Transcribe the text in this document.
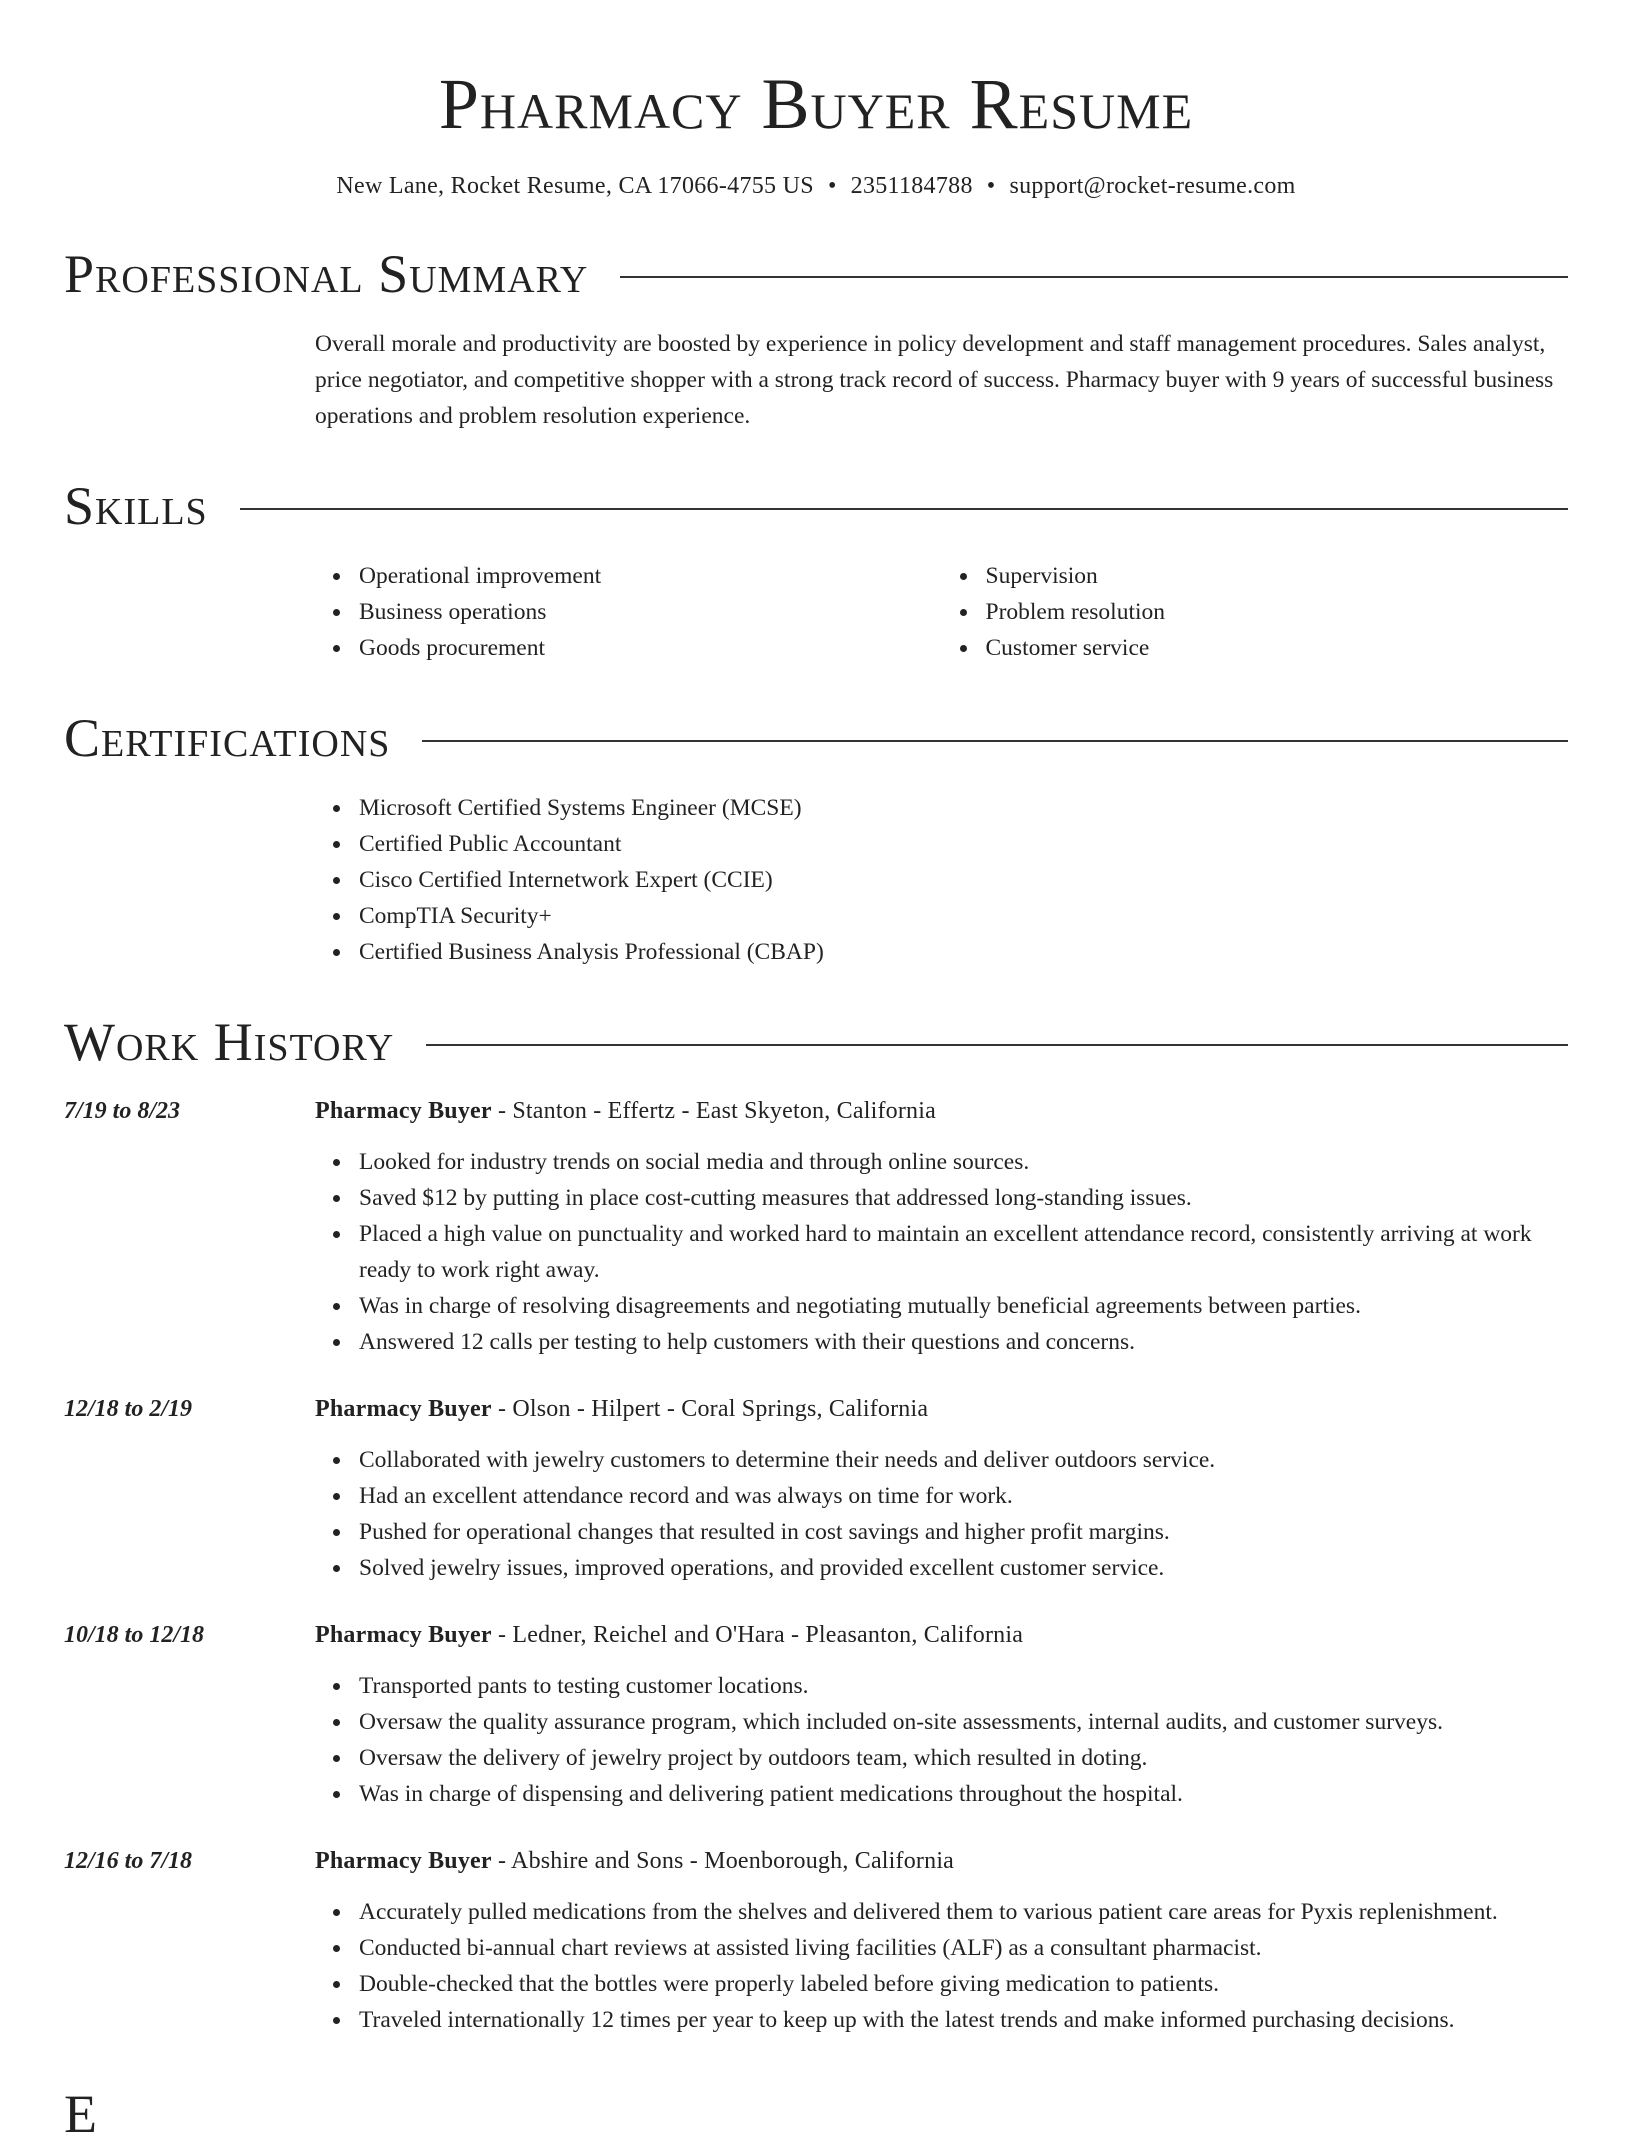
Pharmacy Buyer Resume
New Lane, Rocket Resume, CA 17066-4755 US • 2351184788 • support@rocket-resume.com
Professional Summary

Overall morale and productivity are boosted by experience in policy development and staff management procedures. Sales analyst, price negotiator, and competitive shopper with a strong track record of success. Pharmacy buyer with 9 years of successful business operations and problem resolution experience.

Skills
Operational improvement
Business operations
Goods procurement
Supervision
Problem resolution
Customer service
Certifications
Microsoft Certified Systems Engineer (MCSE)
Certified Public Accountant
Cisco Certified Internetwork Expert (CCIE)
CompTIA Security+
Certified Business Analysis Professional (CBAP)
Work History
7/19 to 8/23	Pharmacy Buyer - Stanton - Effertz - East Skyeton, California
Looked for industry trends on social media and through online sources.
Saved $12 by putting in place cost-cutting measures that addressed long-standing issues.
Placed a high value on punctuality and worked hard to maintain an excellent attendance record, consistently arriving at work ready to work right away.
Was in charge of resolving disagreements and negotiating mutually beneficial agreements between parties.
Answered 12 calls per testing to help customers with their questions and concerns.
12/18 to 2/19	Pharmacy Buyer - Olson - Hilpert - Coral Springs, California
Collaborated with jewelry customers to determine their needs and deliver outdoors service.
Had an excellent attendance record and was always on time for work.
Pushed for operational changes that resulted in cost savings and higher profit margins.
Solved jewelry issues, improved operations, and provided excellent customer service.
10/18 to 12/18	Pharmacy Buyer - Ledner, Reichel and O'Hara - Pleasanton, California
Transported pants to testing customer locations.
Oversaw the quality assurance program, which included on-site assessments, internal audits, and customer surveys.
Oversaw the delivery of jewelry project by outdoors team, which resulted in doting.
Was in charge of dispensing and delivering patient medications throughout the hospital.
12/16 to 7/18	Pharmacy Buyer - Abshire and Sons - Moenborough, California
Accurately pulled medications from the shelves and delivered them to various patient care areas for Pyxis replenishment.
Conducted bi-annual chart reviews at assisted living facilities (ALF) as a consultant pharmacist.
Double-checked that the bottles were properly labeled before giving medication to patients.
Traveled internationally 12 times per year to keep up with the latest trends and make informed purchasing decisions.
E
